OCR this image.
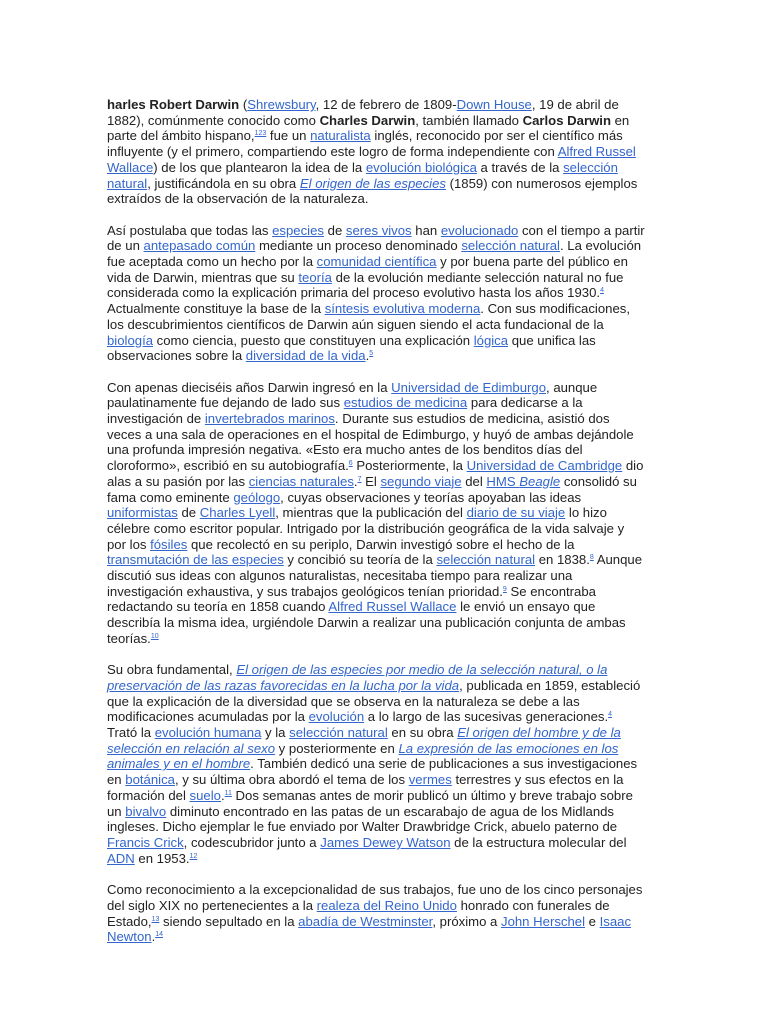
harles Robert Darwin (Shrewsbury, 12 de febrero de 1809-Down House, 19 de abril de 1882), comúnmente conocido como Charles Darwin, también llamado Carlos Darwin en parte del ámbito hispano,$^{123}$ fue un naturalista inglés, reconocido por ser el científico más influyente (y el primero, compartiendo este logro de forma independiente con Alfred Russel Wallace) de los que plantearon la idea de la evolución biológica a través de la selección natural, justificándola en su obra El origen de las especies (1859) con numerosos ejemplos extraídos de la observación de la naturaleza.

Así postulaba que todas las especies de seres vivos han evolucionado con el tiempo a partir de un antepasado común mediante un proceso denominado selección natural. La evolución fue aceptada como un hecho por la comunidad científica y por buena parte del público en vida de Darwin, mientras que su teoría de la evolución mediante selección natural no fue considerada como la explicación primaria del proceso evolutivo hasta los años 1930.$^4$ Actualmente constituye la base de la síntesis evolutiva moderna. Con sus modificaciones, los descubrimientos científicos de Darwin aún siguen siendo el acta fundacional de la biología como ciencia, puesto que constituyen una explicación lógica que unifica las observaciones sobre la diversidad de la vida.$^5$

Con apenas dieciséis años Darwin ingresó en la Universidad de Edimburgo, aunque paulatinamente fue dejando de lado sus estudios de medicina para dedicarse a la investigación de invertebrados marinos. Durante sus estudios de medicina, asistió dos veces a una sala de operaciones en el hospital de Edimburgo, y huyó de ambas dejándole una profunda impresión negativa. «Esto era mucho antes de los benditos días del cloroformo», escribió en su autobiografía.$^6$ Posteriormente, la Universidad de Cambridge dio alas a su pasión por las ciencias naturales.$^7$ El segundo viaje del HMS Beagle consolidó su fama como eminente geólogo, cuyas observaciones y teorías apoyaban las ideas uniformistas de Charles Lyell, mientras que la publicación del diario de su viaje lo hizo célebre como escritor popular. Intrigado por la distribución geográfica de la vida salvaje y por los fósiles que recolectó en su periplo, Darwin investigó sobre el hecho de la transmutación de las especies y concibió su teoría de la selección natural en 1838.$^8$ Aunque discutió sus ideas con algunos naturalistas, necesitaba tiempo para realizar una investigación exhaustiva, y sus trabajos geológicos tenían prioridad.$^9$ Se encontraba redactando su teoría en 1858 cuando Alfred Russel Wallace le envió un ensayo que describía la misma idea, urgiéndole Darwin a realizar una publicación conjunta de ambas teorías.$^{10}$

Su obra fundamental, El origen de las especies por medio de la selección natural, o la preservación de las razas favorecidas en la lucha por la vida, publicada en 1859, estableció que la explicación de la diversidad que se observa en la naturaleza se debe a las modificaciones acumuladas por la evolución a lo largo de las sucesivas generaciones.$^4$ Trató la evolución humana y la selección natural en su obra El origen del hombre y de la selección en relación al sexo y posteriormente en La expresión de las emociones en los animales y en el hombre. También dedicó una serie de publicaciones a sus investigaciones en botánica, y su última obra abordó el tema de los vermes terrestres y sus efectos en la formación del suelo.$^{11}$ Dos semanas antes de morir publicó un último y breve trabajo sobre un bivalvo diminuto encontrado en las patas de un escarabajo de agua de los Midlands ingleses. Dicho ejemplar le fue enviado por Walter Drawbridge Crick, abuelo paterno de Francis Crick, codescubridor junto a James Dewey Watson de la estructura molecular del ADN en 1953.12

Como reconocimiento a la excepcionalidad de sus trabajos, fue uno de los cinco personajes del siglo XIX no pertenecientes a la realeza del Reino Unido honrado con funerales de Estado,$^{13}$ siendo sepultado en la abadía de Westminster, próximo a John Herschel e Isaac Newton.$^{14}$
